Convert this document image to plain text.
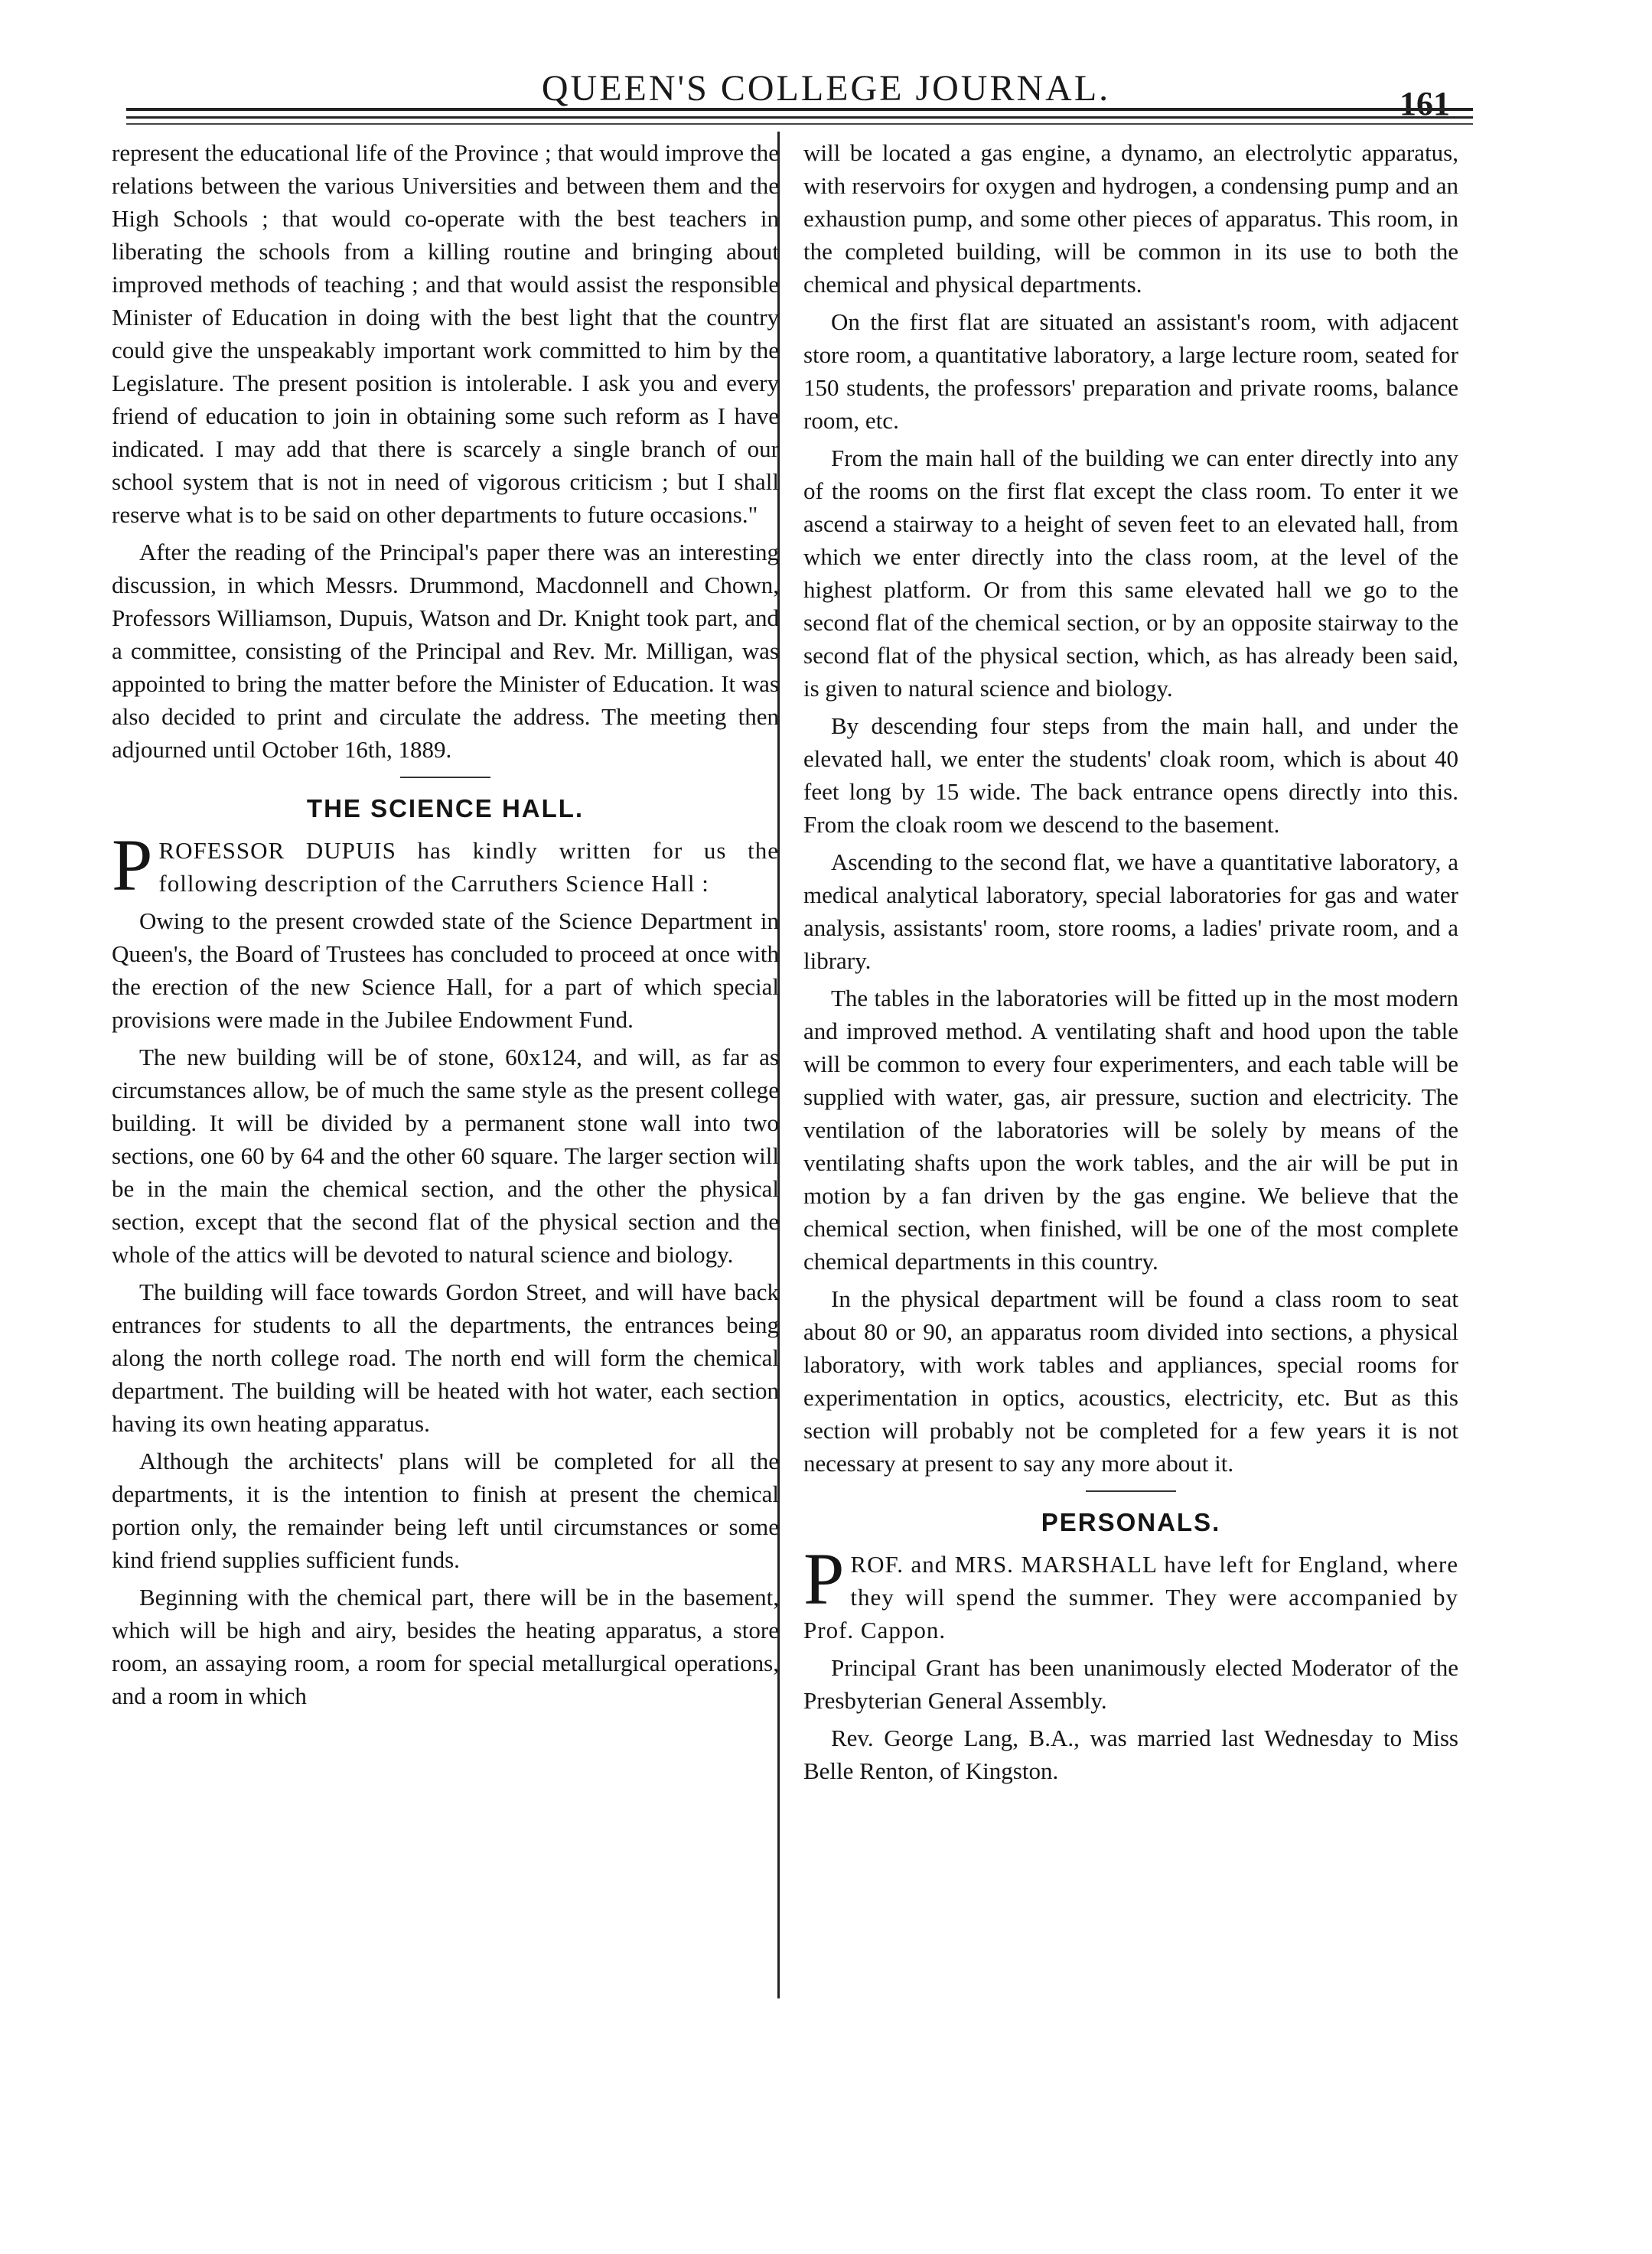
QUEEN'S COLLEGE JOURNAL.	161

represent the educational life of the Province ; that would improve the relations between the various Universities and between them and the High Schools ; that would co-operate with the best teachers in liberating the schools from a killing routine and bringing about improved methods of teaching ; and that would assist the responsible Minister of Education in doing with the best light that the country could give the unspeakably important work committed to him by the Legislature. The present position is intolerable. I ask you and every friend of education to join in obtaining some such reform as I have indicated. I may add that there is scarcely a single branch of our school system that is not in need of vigorous criticism ; but I shall reserve what is to be said on other departments to future occasions."

After the reading of the Principal's paper there was an interesting discussion, in which Messrs. Drummond, Macdonnell and Chown, Professors Williamson, Dupuis, Watson and Dr. Knight took part, and a committee, consisting of the Principal and Rev. Mr. Milligan, was appointed to bring the matter before the Minister of Education. It was also decided to print and circulate the address. The meeting then adjourned until October 16th, 1889.

THE SCIENCE HALL.

PROFESSOR DUPUIS has kindly written for us the following description of the Carruthers Science Hall :

Owing to the present crowded state of the Science Department in Queen's, the Board of Trustees has concluded to proceed at once with the erection of the new Science Hall, for a part of which special provisions were made in the Jubilee Endowment Fund.

The new building will be of stone, 60x124, and will, as far as circumstances allow, be of much the same style as the present college building. It will be divided by a permanent stone wall into two sections, one 60 by 64 and the other 60 square. The larger section will be in the main the chemical section, and the other the physical section, except that the second flat of the physical section and the whole of the attics will be devoted to natural science and biology.

The building will face towards Gordon Street, and will have back entrances for students to all the departments, the entrances being along the north college road. The north end will form the chemical department. The building will be heated with hot water, each section having its own heating apparatus.

Although the architects' plans will be completed for all the departments, it is the intention to finish at present the chemical portion only, the remainder being left until circumstances or some kind friend supplies sufficient funds.

Beginning with the chemical part, there will be in the basement, which will be high and airy, besides the heating apparatus, a store room, an assaying room, a room for special metallurgical operations, and a room in which

will be located a gas engine, a dynamo, an electrolytic apparatus, with reservoirs for oxygen and hydrogen, a condensing pump and an exhaustion pump, and some other pieces of apparatus. This room, in the completed building, will be common in its use to both the chemical and physical departments.

On the first flat are situated an assistant's room, with adjacent store room, a quantitative laboratory, a large lecture room, seated for 150 students, the professors' preparation and private rooms, balance room, etc.

From the main hall of the building we can enter directly into any of the rooms on the first flat except the class room. To enter it we ascend a stairway to a height of seven feet to an elevated hall, from which we enter directly into the class room, at the level of the highest platform. Or from this same elevated hall we go to the second flat of the chemical section, or by an opposite stairway to the second flat of the physical section, which, as has already been said, is given to natural science and biology.

By descending four steps from the main hall, and under the elevated hall, we enter the students' cloak room, which is about 40 feet long by 15 wide. The back entrance opens directly into this. From the cloak room we descend to the basement.

Ascending to the second flat, we have a quantitative laboratory, a medical analytical laboratory, special laboratories for gas and water analysis, assistants' room, store rooms, a ladies' private room, and a library.

The tables in the laboratories will be fitted up in the most modern and improved method. A ventilating shaft and hood upon the table will be common to every four experimenters, and each table will be supplied with water, gas, air pressure, suction and electricity. The ventilation of the laboratories will be solely by means of the ventilating shafts upon the work tables, and the air will be put in motion by a fan driven by the gas engine. We believe that the chemical section, when finished, will be one of the most complete chemical departments in this country.

In the physical department will be found a class room to seat about 80 or 90, an apparatus room divided into sections, a physical laboratory, with work tables and appliances, special rooms for experimentation in optics, acoustics, electricity, etc. But as this section will probably not be completed for a few years it is not necessary at present to say any more about it.

PERSONALS.

PROF. and MRS. MARSHALL have left for England, where they will spend the summer. They were accompanied by Prof. Cappon.

Principal Grant has been unanimously elected Moderator of the Presbyterian General Assembly.

Rev. George Lang, B.A., was married last Wednesday to Miss Belle Renton, of Kingston.
